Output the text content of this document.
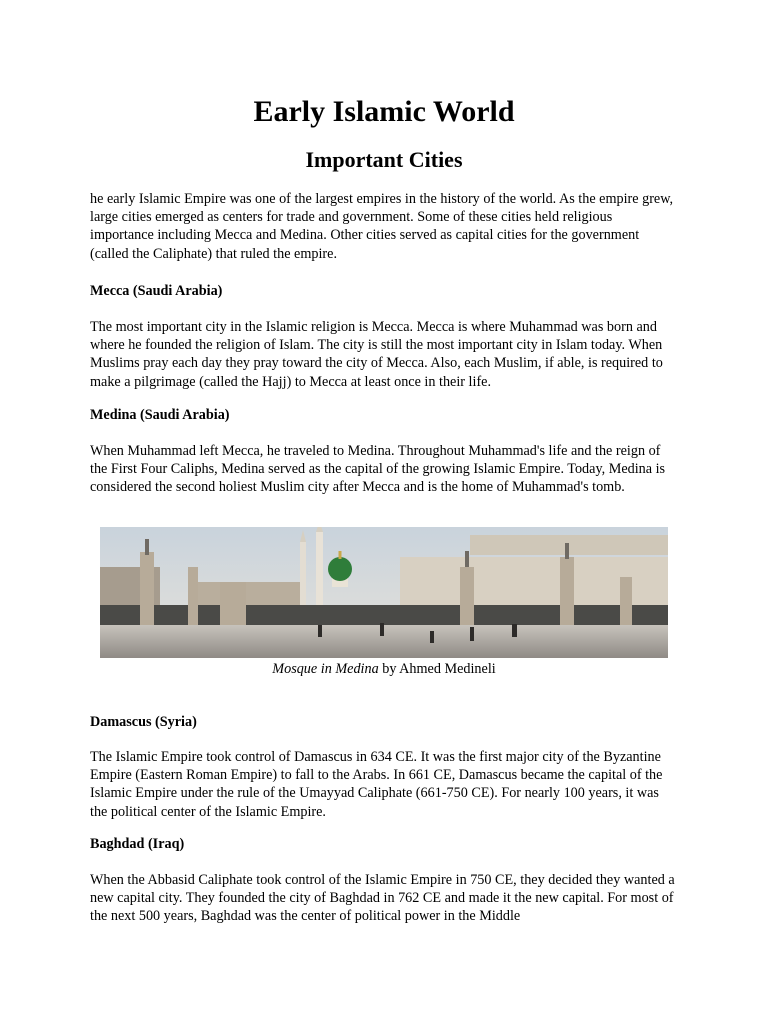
Early Islamic World
Important Cities

he early Islamic Empire was one of the largest empires in the history of the world. As the empire grew, large cities emerged as centers for trade and government. Some of these cities held religious importance including Mecca and Medina. Other cities served as capital cities for the government (called the Caliphate) that ruled the empire.

Mecca (Saudi Arabia)

The most important city in the Islamic religion is Mecca. Mecca is where Muhammad was born and where he founded the religion of Islam. The city is still the most important city in Islam today. When Muslims pray each day they pray toward the city of Mecca. Also, each Muslim, if able, is required to make a pilgrimage (called the Hajj) to Mecca at least once in their life.

Medina (Saudi Arabia)

When Muhammad left Mecca, he traveled to Medina. Throughout Muhammad's life and the reign of the First Four Caliphs, Medina served as the capital of the growing Islamic Empire. Today, Medina is considered the second holiest Muslim city after Mecca and is the home of Muhammad's tomb.

Mosque in Medina by Ahmed Medineli

Damascus (Syria)

The Islamic Empire took control of Damascus in 634 CE. It was the first major city of the Byzantine Empire (Eastern Roman Empire) to fall to the Arabs. In 661 CE, Damascus became the capital of the Islamic Empire under the rule of the Umayyad Caliphate (661-750 CE). For nearly 100 years, it was the political center of the Islamic Empire.

Baghdad (Iraq)

When the Abbasid Caliphate took control of the Islamic Empire in 750 CE, they decided they wanted a new capital city. They founded the city of Baghdad in 762 CE and made it the new capital. For most of the next 500 years, Baghdad was the center of political power in the Middle
